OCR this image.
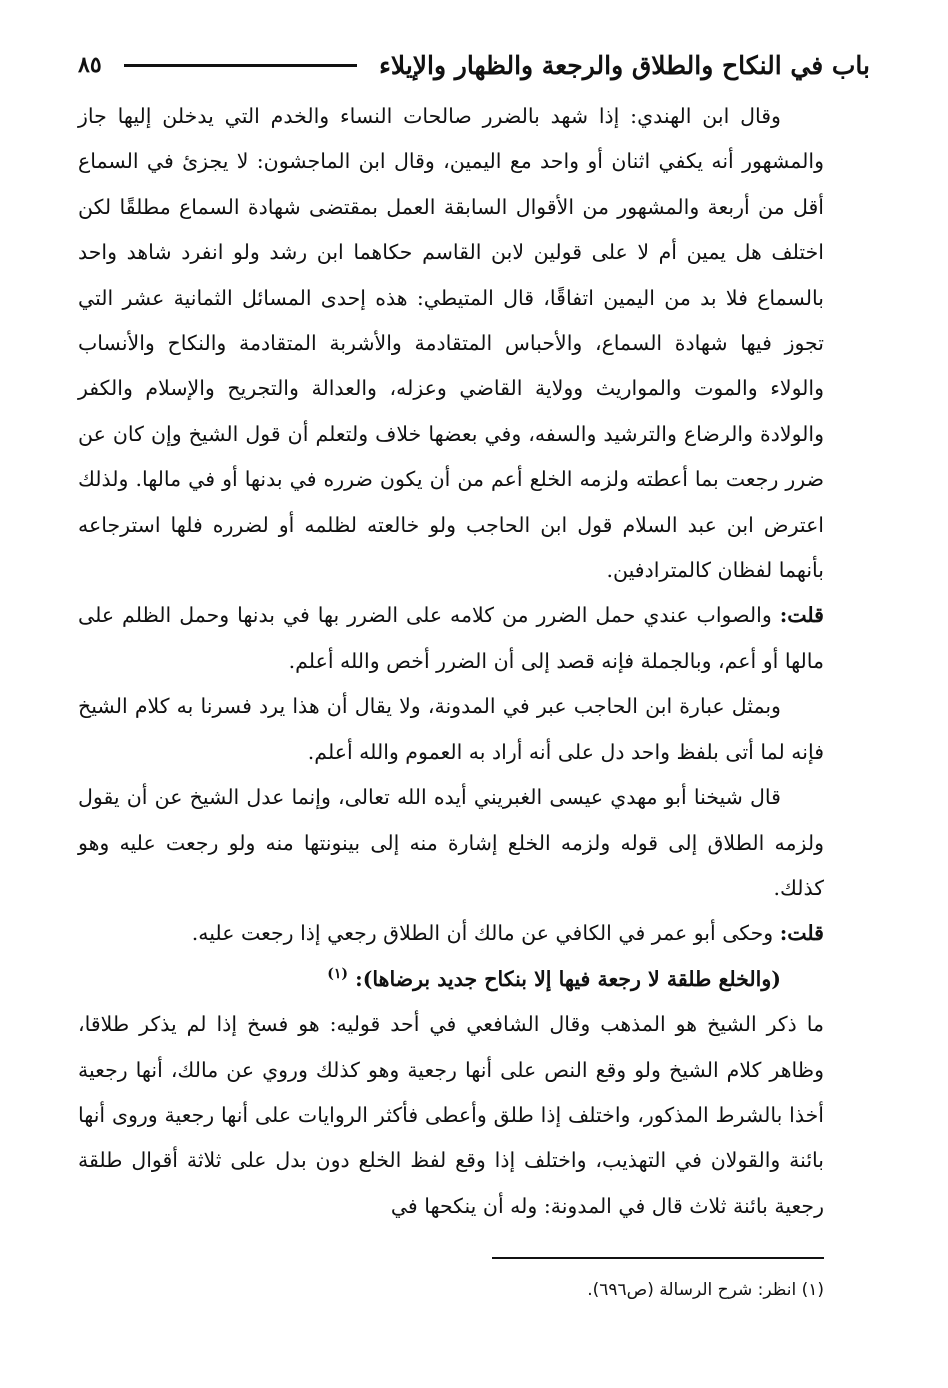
باب في النكاح والطلاق والرجعة والظهار والإيلاء
٨٥

وقال ابن الهندي: إذا شهد بالضرر صالحات النساء والخدم التي يدخلن إليها جاز والمشهور أنه يكفي اثنان أو واحد مع اليمين، وقال ابن الماجشون: لا يجزئ في السماع أقل من أربعة والمشهور من الأقوال السابقة العمل بمقتضى شهادة السماع مطلقًا لكن اختلف هل يمين أم لا على قولين لابن القاسم حكاهما ابن رشد ولو انفرد شاهد واحد بالسماع فلا بد من اليمين اتفاقًا، قال المتيطي: هذه إحدى المسائل الثمانية عشر التي تجوز فيها شهادة السماع، والأحباس المتقادمة والأشربة المتقادمة والنكاح والأنساب والولاء والموت والمواريث وولاية القاضي وعزله، والعدالة والتجريح والإسلام والكفر والولادة والرضاع والترشيد والسفه، وفي بعضها خلاف ولتعلم أن قول الشيخ وإن كان عن ضرر رجعت بما أعطته ولزمه الخلع أعم من أن يكون ضرره في بدنها أو في مالها. ولذلك اعترض ابن عبد السلام قول ابن الحاجب ولو خالعته لظلمه أو لضرره فلها استرجاعه بأنهما لفظان كالمترادفين.

قلت: والصواب عندي حمل الضرر من كلامه على الضرر بها في بدنها وحمل الظلم على مالها أو أعم، وبالجملة فإنه قصد إلى أن الضرر أخص والله أعلم.

وبمثل عبارة ابن الحاجب عبر في المدونة، ولا يقال أن هذا يرد فسرنا به كلام الشيخ فإنه لما أتى بلفظ واحد دل على أنه أراد به العموم والله أعلم.

قال شيخنا أبو مهدي عيسى الغبريني أيده الله تعالى، وإنما عدل الشيخ عن أن يقول ولزمه الطلاق إلى قوله ولزمه الخلع إشارة منه إلى بينونتها منه ولو رجعت عليه وهو كذلك.

قلت: وحكى أبو عمر في الكافي عن مالك أن الطلاق رجعي إذا رجعت عليه.

(والخلع طلقة لا رجعة فيها إلا بنكاح جديد برضاها): $^{(١)}$

ما ذكر الشيخ هو المذهب وقال الشافعي في أحد قوليه: هو فسخ إذا لم يذكر طلاقا، وظاهر كلام الشيخ ولو وقع النص على أنها رجعية وهو كذلك وروي عن مالك، أنها رجعية أخذا بالشرط المذكور، واختلف إذا طلق وأعطى فأكثر الروايات على أنها رجعية وروى أنها بائنة والقولان في التهذيب، واختلف إذا وقع لفظ الخلع دون بدل على ثلاثة أقوال طلقة رجعية بائنة ثلاث قال في المدونة: وله أن ينكحها في

(١) انظر: شرح الرسالة (ص٦٩٦).
